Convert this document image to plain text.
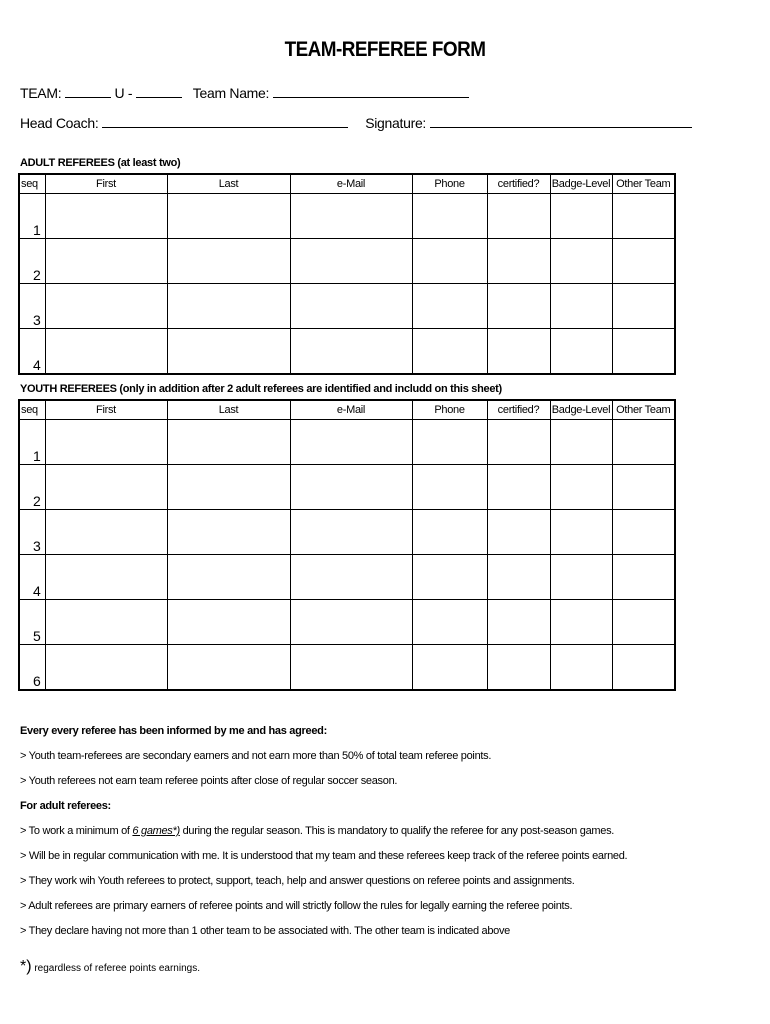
TEAM-REFEREE FORM
TEAM:	U -	Team Name:
Head Coach:	Signature:
ADULT REFEREES (at least two)
seq	First	Last	e-Mail	Phone	certified?	Badge-Level	Other Team
1							
2							
3							
4							
YOUTH REFEREES (only in addition after 2 adult referees are identified and includd on this sheet)
seq	First	Last	e-Mail	Phone	certified?	Badge-Level	Other Team
1							
2							
3							
4							
5							
6							

Every every referee has been informed by me and has agreed:

> Youth team-referees are secondary earners and not earn more than 50% of total team referee points.

> Youth referees not earn team referee points after close of regular soccer season.

For adult referees:

> To work a minimum of 6 games*) during the regular season. This is mandatory to qualify the referee for any post-season games.

> Will be in regular communication with me. It is understood that my team and these referees keep track of the referee points earned.

> They work wih Youth referees to protect, support, teach, help and answer questions on referee points and assignments.

> Adult referees are primary earners of referee points and will strictly follow the rules for legally earning the referee points.

> They declare having not more than 1 other team to be associated with. The other team is indicated above

*) regardless of referee points earnings.
